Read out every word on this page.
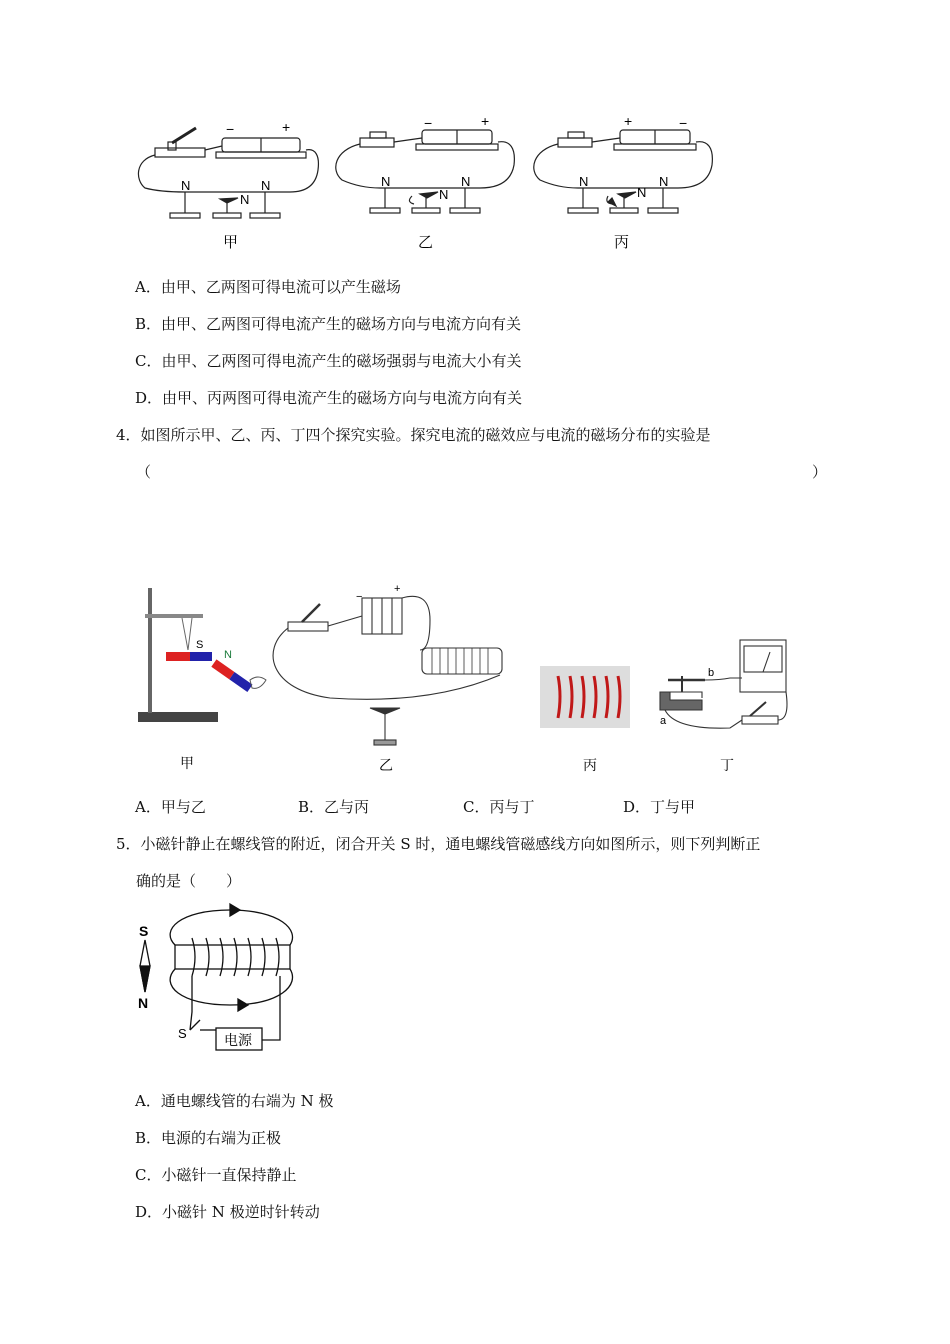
−	+
N	N
N
甲
−	+
N	N
N
乙
+	−
N
N
N
丙
A．由甲、乙两图可得电流可以产生磁场
B．由甲、乙两图可得电流产生的磁场方向与电流方向有关
C．由甲、乙两图可得电流产生的磁场强弱与电流大小有关
D．由甲、丙两图可得电流产生的磁场方向与电流方向有关
4．如图所示甲、乙、丙、丁四个探究实验。探究电流的磁效应与电流的磁场分布的实验是
（	）
S
N
甲
−
+
乙	丙
a
b
丁
A．甲与乙	B．乙与丙	C．丙与丁	D．丁与甲
5．小磁针静止在螺线管的附近，闭合开关 S 时，通电螺线管磁感线方向如图所示，则下列判断正
确的是（　　）
S
N
S	电源
A．通电螺线管的右端为 N 极
B．电源的右端为正极
C．小磁针一直保持静止
D．小磁针 N 极逆时针转动
